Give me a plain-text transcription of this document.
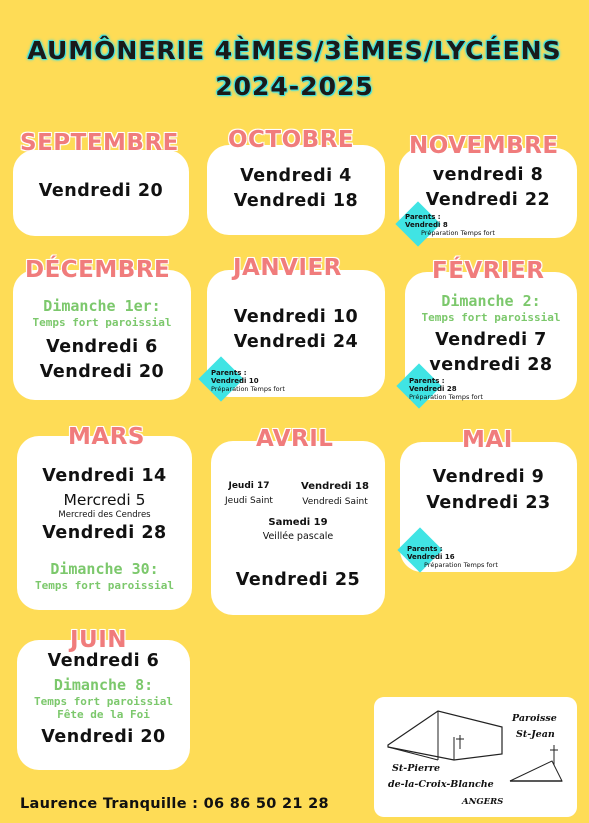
AUMÔNERIE 4ÈMES/3ÈMES/LYCÉENS
2024-2025
Vendredi 20
SEPTEMBRE
Vendredi 4
Vendredi 18
OCTOBRE
vendredi 8
Vendredi 22
NOVEMBRE
Parents :
Vendredi 8
Préparation Temps fort
Dimanche 1er:
Temps fort paroissial
Vendredi 6
Vendredi 20
DÉCEMBRE
Vendredi 10
Vendredi 24
JANVIER
Parents :
Vendredi 10
Préparation Temps fort
Dimanche 2:
Temps fort paroissial
Vendredi 7
vendredi 28
FÉVRIER
Parents :
Vendredi 28
Préparation Temps fort
Vendredi 14
Mercredi 5
Mercredi des Cendres
Vendredi 28
Dimanche 30:
Temps fort paroissial
MARS
Jeudi 17
Jeudi Saint
Vendredi 18
Vendredi Saint
Samedi 19
Veillée pascale
Vendredi 25
AVRIL
Vendredi 9
Vendredi 23
MAI
Parents :
Vendredi 16
Préparation Temps fort
Vendredi 6
Dimanche 8:
Temps fort paroissial
Fête de la Foi
Vendredi 20
JUIN
Paroisse
St-Jean
St-Pierre
de-la-Croix-Blanche
ANGERS
Laurence Tranquille : 06 86 50 21 28
